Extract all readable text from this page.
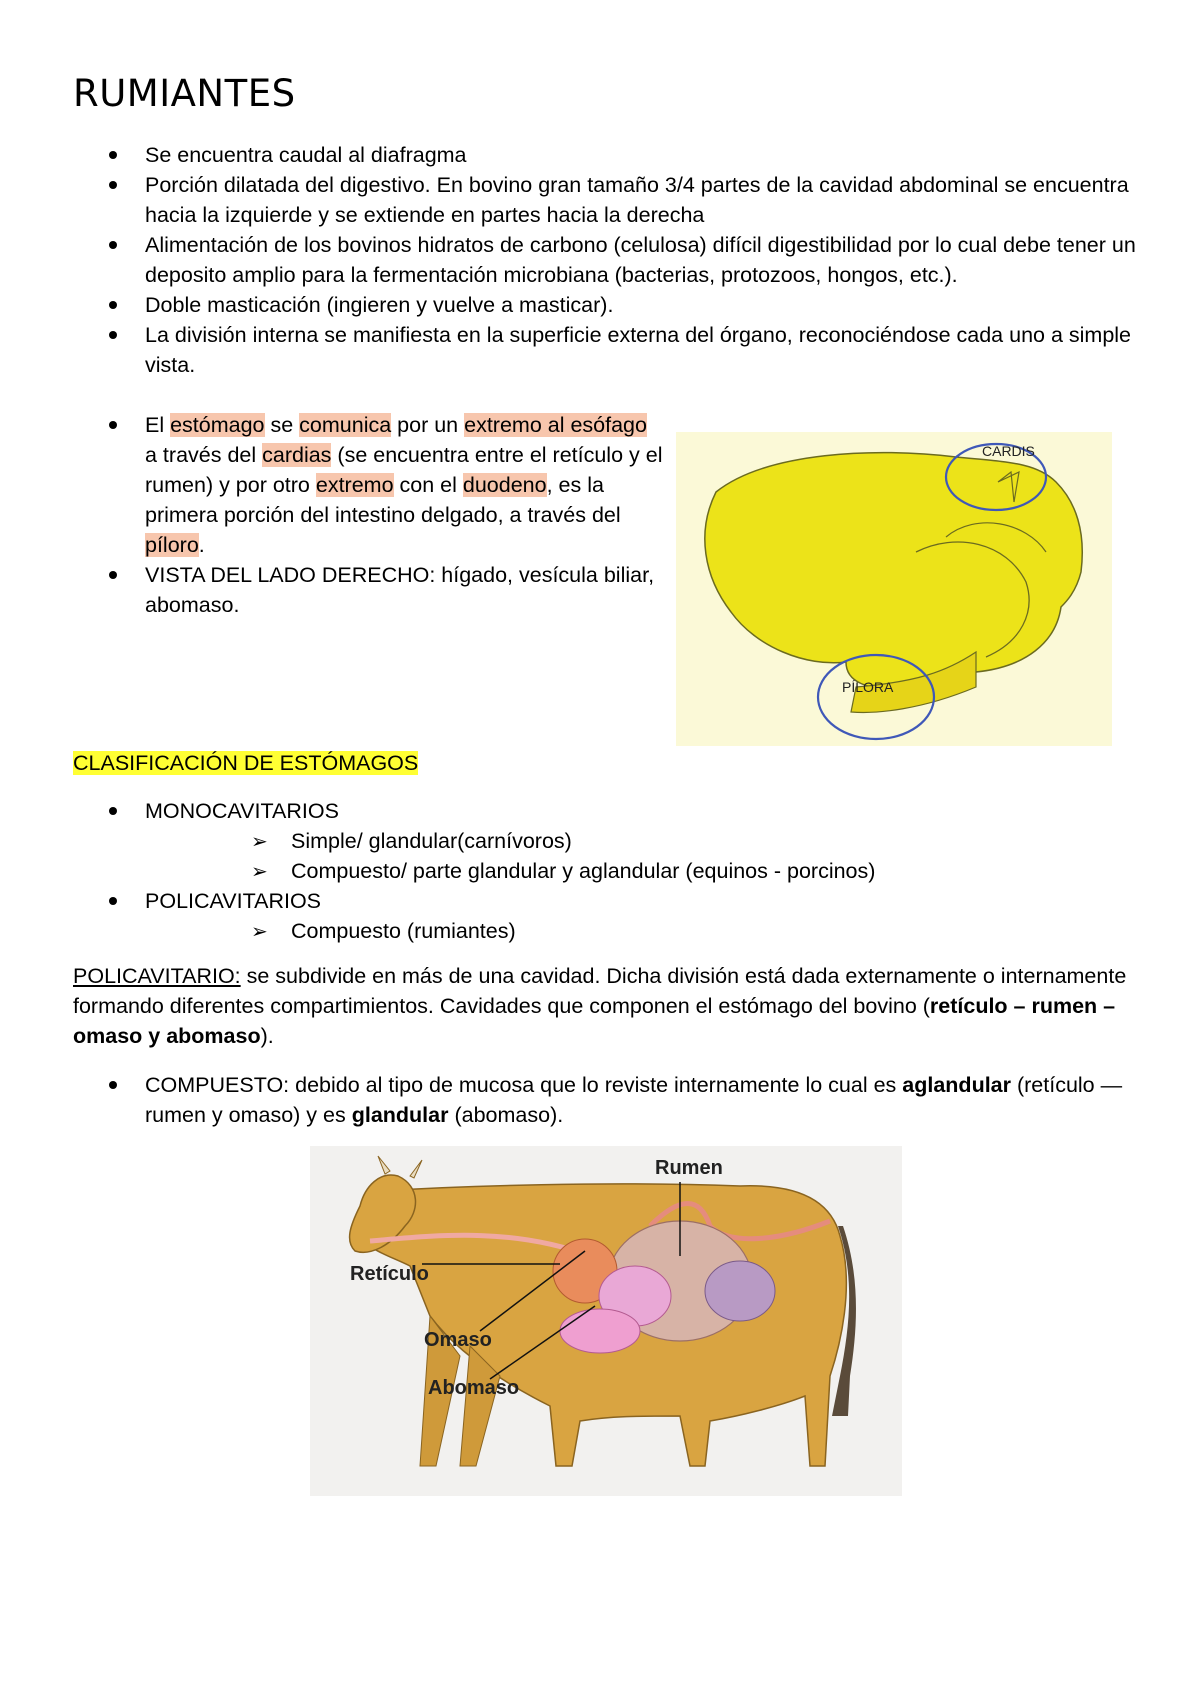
RUMIANTES
Se encuentra caudal al diafragma
Porción dilatada del digestivo. En bovino gran tamaño 3/4 partes de la cavidad abdominal se encuentra hacia la izquierde y se extiende en partes hacia la derecha
Alimentación de los bovinos hidratos de carbono (celulosa) difícil digestibilidad por lo cual debe tener un deposito amplio para la fermentación microbiana (bacterias, protozoos, hongos, etc.).
Doble masticación (ingieren y vuelve a masticar).
La división interna se manifiesta en la superficie externa del órgano, reconociéndose cada uno a simple vista.
El estómago se comunica por un extremo al esófago a través del cardias (se encuentra entre el retículo y el rumen) y por otro extremo con el duodeno, es la primera porción del intestino delgado, a través del píloro.
VISTA DEL LADO DERECHO: hígado, vesícula biliar, abomaso.
CARDIS
PÍLORA
CLASIFICACIÓN DE ESTÓMAGOS
MONOCAVITARIOS
➢ Simple/ glandular(carnívoros)
➢ Compuesto/ parte glandular y aglandular (equinos - porcinos)
POLICAVITARIOS
➢ Compuesto (rumiantes)

POLICAVITARIO: se subdivide en más de una cavidad. Dicha división está dada externamente o internamente formando diferentes compartimientos. Cavidades que componen el estómago del bovino (retículo – rumen – omaso y abomaso).

COMPUESTO: debido al tipo de mucosa que lo reviste internamente lo cual es aglandular (retículo —rumen y omaso) y es glandular (abomaso).
Rumen
Retículo
Omaso
Abomaso
